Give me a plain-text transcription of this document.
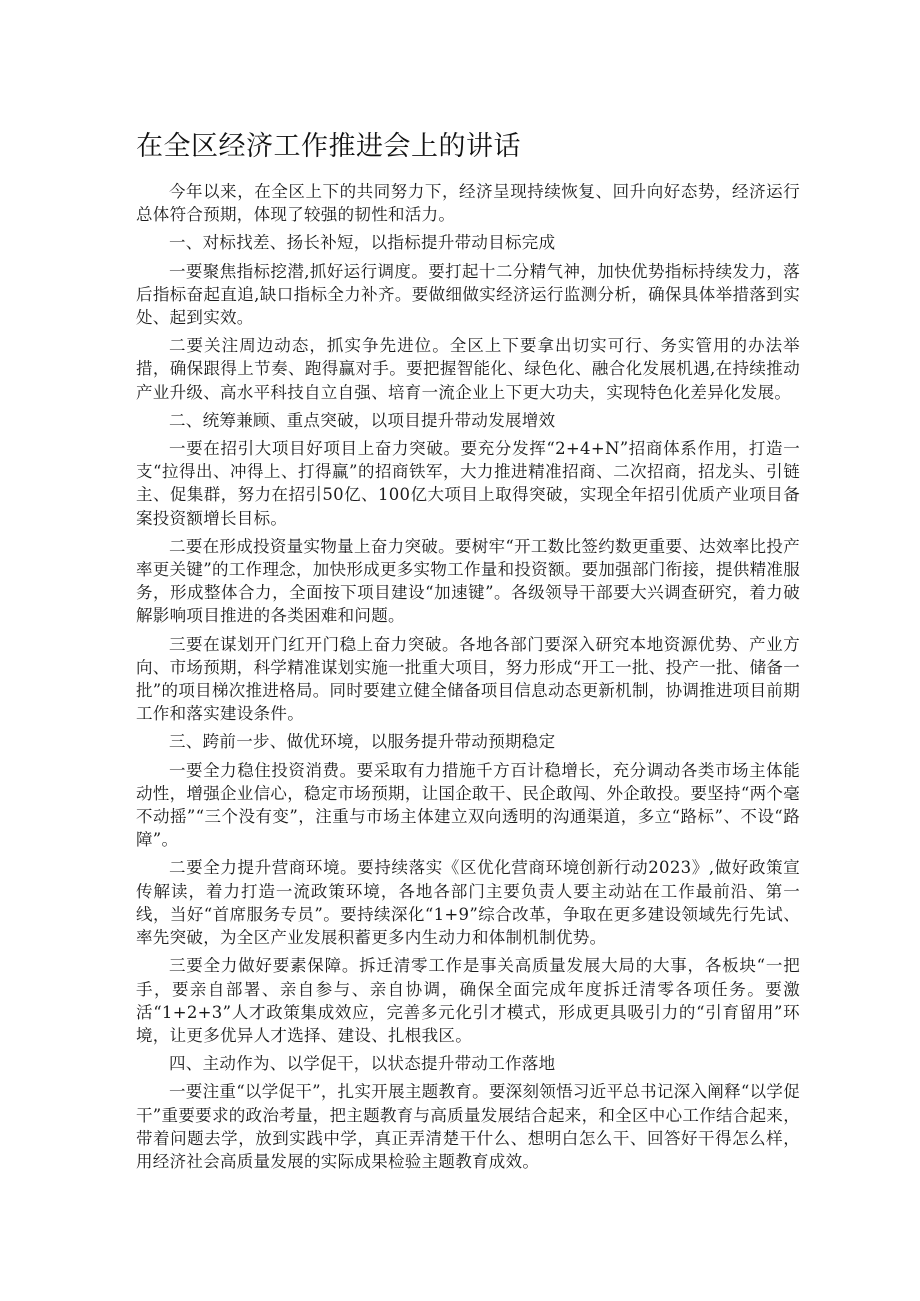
在全区经济工作推进会上的讲话

今年以来，在全区上下的共同努力下，经济呈现持续恢复、回升向好态势，经济运行总体符合预期，体现了较强的韧性和活力。

一、对标找差、扬长补短，以指标提升带动目标完成

一要聚焦指标挖潜,抓好运行调度。要打起十二分精气神，加快优势指标持续发力，落后指标奋起直追,缺口指标全力补齐。要做细做实经济运行监测分析，确保具体举措落到实处、起到实效。

二要关注周边动态，抓实争先进位。全区上下要拿出切实可行、务实管用的办法举措，确保跟得上节奏、跑得赢对手。要把握智能化、绿色化、融合化发展机遇,在持续推动产业升级、高水平科技自立自强、培育一流企业上下更大功夫，实现特色化差异化发展。

二、统筹兼顾、重点突破，以项目提升带动发展增效

一要在招引大项目好项目上奋力突破。要充分发挥“2+4+N”招商体系作用，打造一支“拉得出、冲得上、打得赢”的招商铁军，大力推进精准招商、二次招商，招龙头、引链主、促集群，努力在招引50亿、100亿大项目上取得突破，实现全年招引优质产业项目备案投资额增长目标。

二要在形成投资量实物量上奋力突破。要树牢“开工数比签约数更重要、达效率比投产率更关键”的工作理念，加快形成更多实物工作量和投资额。要加强部门衔接，提供精准服务，形成整体合力，全面按下项目建设“加速键”。各级领导干部要大兴调查研究，着力破解影响项目推进的各类困难和问题。

三要在谋划开门红开门稳上奋力突破。各地各部门要深入研究本地资源优势、产业方向、市场预期，科学精准谋划实施一批重大项目，努力形成“开工一批、投产一批、储备一批”的项目梯次推进格局。同时要建立健全储备项目信息动态更新机制，协调推进项目前期工作和落实建设条件。

三、跨前一步、做优环境，以服务提升带动预期稳定

一要全力稳住投资消费。要采取有力措施千方百计稳增长，充分调动各类市场主体能动性，增强企业信心，稳定市场预期，让国企敢干、民企敢闯、外企敢投。要坚持“两个毫不动摇”“三个没有变”，注重与市场主体建立双向透明的沟通渠道，多立“路标”、不设“路障”。

二要全力提升营商环境。要持续落实《区优化营商环境创新行动2023》,做好政策宣传解读，着力打造一流政策环境，各地各部门主要负责人要主动站在工作最前沿、第一线，当好“首席服务专员”。要持续深化“1+9”综合改革，争取在更多建设领域先行先试、率先突破，为全区产业发展积蓄更多内生动力和体制机制优势。

三要全力做好要素保障。拆迁清零工作是事关高质量发展大局的大事，各板块“一把手，要亲自部署、亲自参与、亲自协调，确保全面完成年度拆迁清零各项任务。要激活“1+2+3”人才政策集成效应，完善多元化引才模式，形成更具吸引力的“引育留用”环境，让更多优异人才选择、建设、扎根我区。

四、主动作为、以学促干，以状态提升带动工作落地

一要注重“以学促干”，扎实开展主题教育。要深刻领悟习近平总书记深入阐释“以学促干”重要要求的政治考量，把主题教育与高质量发展结合起来，和全区中心工作结合起来，带着问题去学，放到实践中学，真正弄清楚干什么、想明白怎么干、回答好干得怎么样，用经济社会高质量发展的实际成果检验主题教育成效。
